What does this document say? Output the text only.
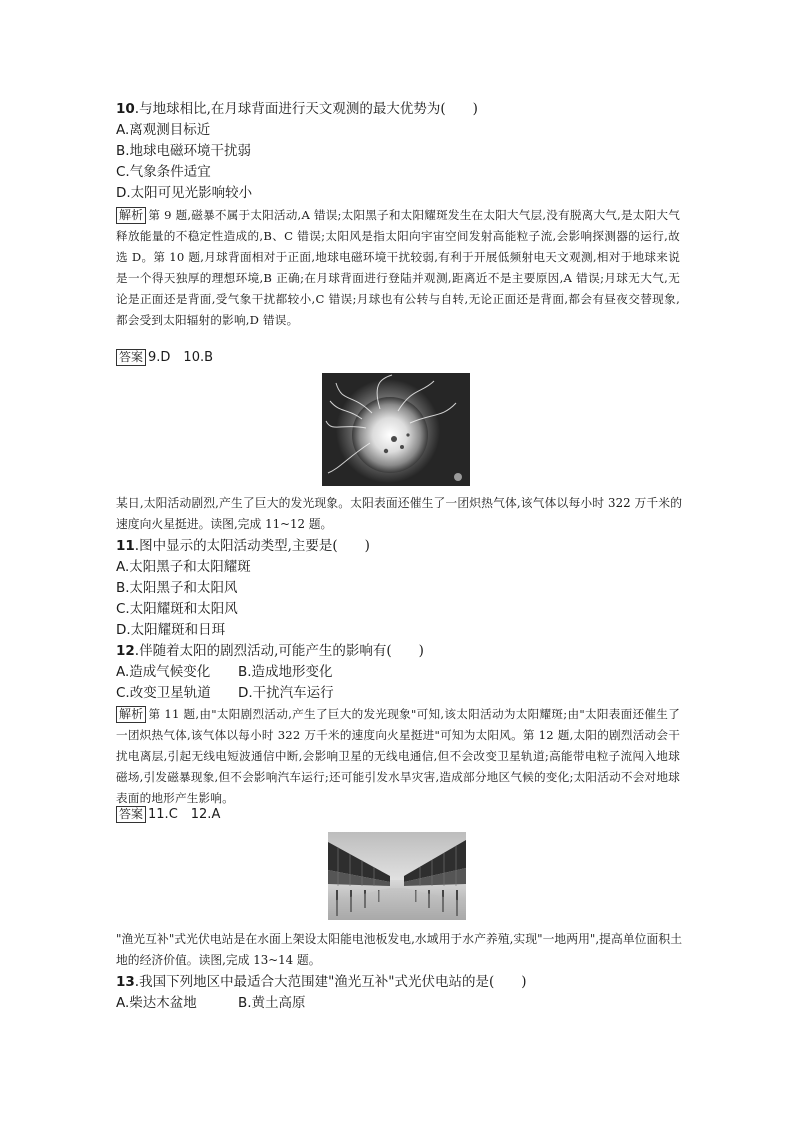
10.与地球相比,在月球背面进行天文观测的最大优势为(　　)
A.离观测目标近
B.地球电磁环境干扰弱
C.气象条件适宜
D.太阳可见光影响较小
解析 第 9 题,磁暴不属于太阳活动,A 错误;太阳黑子和太阳耀斑发生在太阳大气层,没有脱离大气,是太阳大气释放能量的不稳定性造成的,B、C 错误;太阳风是指太阳向宇宙空间发射高能粒子流,会影响探测器的运行,故选 D。第 10 题,月球背面相对于正面,地球电磁环境干扰较弱,有利于开展低频射电天文观测,相对于地球来说是一个得天独厚的理想环境,B 正确;在月球背面进行登陆并观测,距离近不是主要原因,A 错误;月球无大气,无论是正面还是背面,受气象干扰都较小,C 错误;月球也有公转与自转,无论正面还是背面,都会有昼夜交替现象,都会受到太阳辐射的影响,D 错误。
答案 9.D　10.B
某日,太阳活动剧烈,产生了巨大的发光现象。太阳表面还催生了一团炽热气体,该气体以每小时 322 万千米的速度向火星挺进。读图,完成 11~12 题。
11.图中显示的太阳活动类型,主要是(　　)
A.太阳黑子和太阳耀斑
B.太阳黑子和太阳风
C.太阳耀斑和太阳风
D.太阳耀斑和日珥
12.伴随着太阳的剧烈活动,可能产生的影响有(　　)
A.造成气候变化 B.造成地形变化
C.改变卫星轨道 D.干扰汽车运行
解析 第 11 题,由"太阳剧烈活动,产生了巨大的发光现象"可知,该太阳活动为太阳耀斑;由"太阳表面还催生了一团炽热气体,该气体以每小时 322 万千米的速度向火星挺进"可知为太阳风。第 12 题,太阳的剧烈活动会干扰电离层,引起无线电短波通信中断,会影响卫星的无线电通信,但不会改变卫星轨道;高能带电粒子流闯入地球磁场,引发磁暴现象,但不会影响汽车运行;还可能引发水旱灾害,造成部分地区气候的变化;太阳活动不会对地球表面的地形产生影响。
答案 11.C　12.A
"渔光互补"式光伏电站是在水面上架设太阳能电池板发电,水域用于水产养殖,实现"一地两用",提高单位面积土地的经济价值。读图,完成 13~14 题。
13.我国下列地区中最适合大范围建"渔光互补"式光伏电站的是(　　)
A.柴达木盆地	B.黄土高原
